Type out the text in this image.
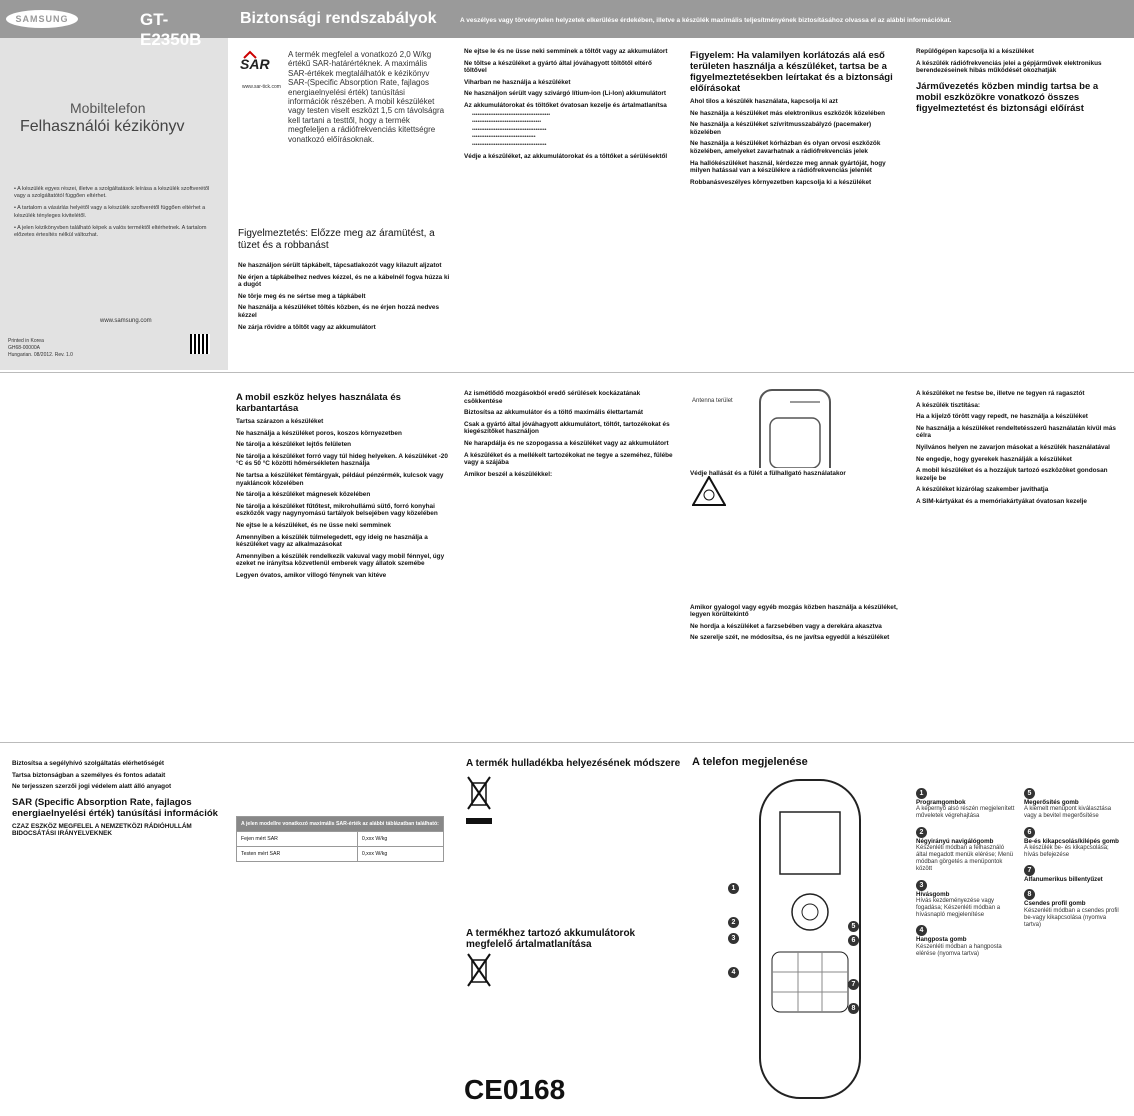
SAMSUNG	GT-E2350B
Mobiltelefon
Felhasználói kézikönyv

• A készülék egyes részei, illetve a szolgáltatások leírása a készülék szoftverétől vagy a szolgáltatótól függően eltérhet.

• A tartalom a vásárlás helyétől vagy a készülék szoftverétől függően eltérhet a készülék tényleges kivitelétől.

• A jelen kézikönyvben található képek a valós terméktől eltérhetnek. A tartalom előzetes értesítés nélkül változhat.

www.samsung.com
Printed in Korea
GH68-00000A
Hungarian. 08/2012. Rev. 1.0
Biztonsági rendszabályok	A veszélyes vagy törvénytelen helyzetek elkerülése érdekében, illetve a készülék maximális teljesítményének biztosításához olvassa el az alábbi információkat.
SAR
www.sar-tick.com
A termék megfelel a vonatkozó 2,0 W/kg értékű SAR-határértéknek. A maximális SAR-értékek megtalálhatók e kézikönyv SAR-(Specific Absorption Rate, fajlagos energiaelnyelési érték) tanúsítási információk részében. A mobil készüléket vagy testen viselt eszközt 1,5 cm távolságra kell tartani a testtől, hogy a termék megfeleljen a rádiófrekvenciás kitettségre vonatkozó előírásoknak.
Figyelmeztetés: Előzze meg az áramütést, a tüzet és a robbanást
Ne használjon sérült tápkábelt, tápcsatlakozót vagy kilazult aljzatot
Ne érjen a tápkábelhez nedves kézzel, és ne a kábelnél fogva húzza ki a dugót
Ne törje meg és ne sértse meg a tápkábelt
Ne használja a készüléket töltés közben, és ne érjen hozzá nedves kézzel
Ne zárja rövidre a töltőt vagy az akkumulátort
Ne ejtse le és ne üsse neki semminek a töltőt vagy az akkumulátort
Ne töltse a készüléket a gyártó által jóváhagyott töltőtől eltérő töltővel
Viharban ne használja a készüléket
Ne használjon sérült vagy szivárgó lítium-ion (Li-Ion) akkumulátort
Az akkumulátorokat és töltőket óvatosan kezelje és ártalmatlanítsa
• •••••••••••••••••••••••••••••••••••••••••••
• ••••••••••••••••••••••••••••••••••••••
• •••••••••••••••••••••••••••••••••••••••••
• •••••••••••••••••••••••••••••••••••
• •••••••••••••••••••••••••••••••••••••••••
Védje a készüléket, az akkumulátorokat és a töltőket a sérülésektől
Figyelem: Ha valamilyen korlátozás alá eső területen használja a készüléket, tartsa be a figyelmeztetésekben leírtakat és a biztonsági előírásokat
Ahol tilos a készülék használata, kapcsolja ki azt
Ne használja a készüléket más elektronikus eszközök közelében
Ne használja a készüléket szívritmusszabályzó (pacemaker) közelében
Ne használja a készüléket kórházban és olyan orvosi eszközök közelében, amelyeket zavarhatnak a rádiófrekvenciás jelek
Ha hallókészüléket használ, kérdezze meg annak gyártóját, hogy milyen hatással van a készülékre a rádiófrekvenciás jelenlét
Robbanásveszélyes környezetben kapcsolja ki a készüléket
Repülőgépen kapcsolja ki a készüléket
A készülék rádiófrekvenciás jelei a gépjárművek elektronikus berendezéseinek hibás működését okozhatják
Járművezetés közben mindig tartsa be a mobil eszközökre vonatkozó összes figyelmeztetést és biztonsági előírást
A mobil eszköz helyes használata és karbantartása
Tartsa szárazon a készüléket
Ne használja a készüléket poros, koszos környezetben
Ne tárolja a készüléket lejtős felületen
Ne tárolja a készüléket forró vagy túl hideg helyeken. A készüléket -20 °C és 50 °C közötti hőmérsékleten használja
Ne tartsa a készüléket fémtárgyak, például pénzérmék, kulcsok vagy nyakláncok közelében
Ne tárolja a készüléket mágnesek közelében
Ne tárolja a készüléket fűtőtest, mikrohullámú sütő, forró konyhai eszközök vagy nagynyomású tartályok belsejében vagy közelében
Ne ejtse le a készüléket, és ne üsse neki semminek
Amennyiben a készülék túlmelegedett, egy ideig ne használja a készüléket vagy az alkalmazásokat
Amennyiben a készülék rendelkezik vakuval vagy mobil fénnyel, úgy ezeket ne irányítsa közvetlenül emberek vagy állatok szemébe
Legyen óvatos, amikor villogó fénynek van kitéve
Az ismétlődő mozgásokból eredő sérülések kockázatának csökkentése
Biztosítsa az akkumulátor és a töltő maximális élettartamát
Csak a gyártó által jóváhagyott akkumulátort, töltőt, tartozékokat és kiegészítőket használjon
Ne harapdálja és ne szopogassa a készüléket vagy az akkumulátort
A készüléket és a mellékelt tartozékokat ne tegye a szeméhez, fülébe vagy a szájába
Amikor beszél a készülékkel:
Antenna terület
Védje hallását és a fülét a fülhallgató használatakor
Amikor gyalogol vagy egyéb mozgás közben használja a készüléket, legyen körültekintő
Ne hordja a készüléket a farzsebében vagy a derekára akasztva
Ne szerelje szét, ne módosítsa, és ne javítsa egyedül a készüléket
A készüléket ne festse be, illetve ne tegyen rá ragasztót
A készülék tisztítása:
Ha a kijelző törött vagy repedt, ne használja a készüléket
Ne használja a készüléket rendeltetésszerű használatán kívül más célra
Nyilvános helyen ne zavarjon másokat a készülék használatával
Ne engedje, hogy gyerekek használják a készüléket
A mobil készüléket és a hozzájuk tartozó eszközöket gondosan kezelje be
A készüléket kizárólag szakember javíthatja
A SIM-kártyákat és a memóriakártyákat óvatosan kezelje
Biztosítsa a segélyhívó szolgáltatás elérhetőségét
Tartsa biztonságban a személyes és fontos adatait
Ne terjesszen szerzői jogi védelem alatt álló anyagot
SAR (Specific Absorption Rate, fajlagos energiaelnyelési érték) tanúsítási információk
CZAZ ESZKÖZ MEGFELEL A NEMZETKÖZI RÁDIÓHULLÁM BIDOCSÁTÁSI IRÁNYELVEKNEK
A jelen modellre vonatkozó maximális SAR-érték az alábbi táblázatban található:	
Fejen mért SAR	0,xxx W/kg
Testen mért SAR	0,xxx W/kg
A termék hulladékba helyezésének módszere
A termékhez tartozó akkumulátorok megfelelő ártalmatlanítása
CE0168
A telefon megjelenése
1
2
3
4
5
6
7
8
1
Programgombok
A képernyő alsó részén megjelenített műveletek végrehajtása
2
Négyirányú navigálógomb
Készenléti módban a felhasználó által megadott menük elérése; Menü módban görgetés a menüpontok között
3
Hívásgomb
Hívás kezdeményezése vagy fogadása; Készenléti módban a hívásnapló megjelenítése
4
Hangposta gomb
Készenléti módban a hangposta elérése (nyomva tartva)
5
Megerősítés gomb
A kiemelt menüpont kiválasztása vagy a bevitel megerősítése
6
Be-és kikapcsolás/kilépés gomb
A készülék be- és kikapcsolása; hívás befejezése
7
Alfanumerikus billentyűzet
8
Csendes profil gomb
Készenléti módban a csendes profil be-vagy kikapcsolása (nyomva tartva)
